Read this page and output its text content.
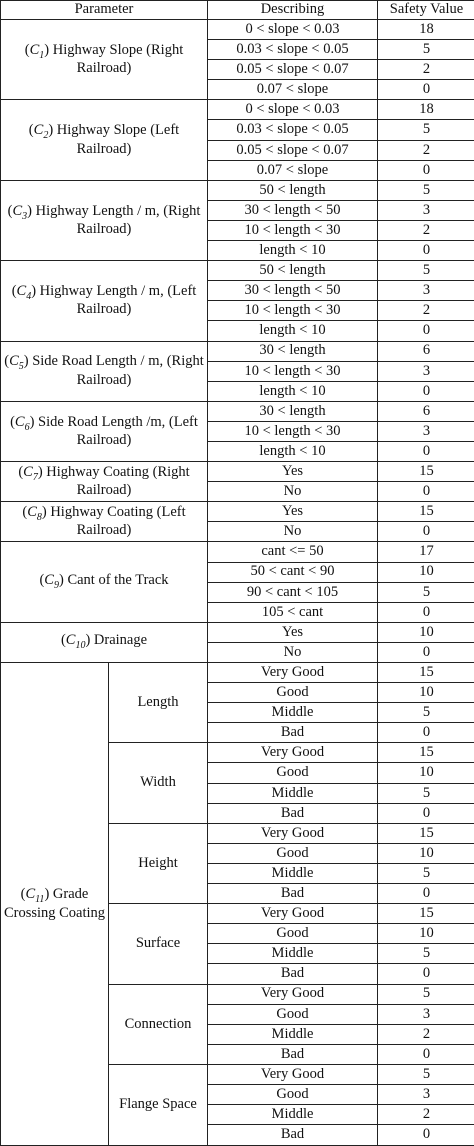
Parameter		Describing	Safety Value
$(C_1)$ Highway Slope (Right Railroad)		0 < slope < 0.03	18
		0.03 < slope < 0.05	5
		0.05 < slope < 0.07	2
		0.07 < slope	0
$(C_2)$ Highway Slope (Left Railroad)		0 < slope < 0.03	18
		0.03 < slope < 0.05	5
		0.05 < slope < 0.07	2
		0.07 < slope	0
$(C_3)$ Highway Length / m, (Right Railroad)		50 < length	5
		30 < length < 50	3
		10 < length < 30	2
		length < 10	0
$(C_4)$ Highway Length / m, (Left Railroad)		50 < length	5
		30 < length < 50	3
		10 < length < 30	2
		length < 10	0
$(C_5)$ Side Road Length / m, (Right Railroad)		30 < length	6
		10 < length < 30	3
		length < 10	0
$(C_6)$ Side Road Length /m, (Left Railroad)		30 < length	6
		10 < length < 30	3
		length < 10	0
$(C_7)$ Highway Coating (Right Railroad)		Yes	15
		No	0
$(C_8)$ Highway Coating (Left Railroad)		Yes	15
		No	0
$(C_9)$ Cant of the Track		cant <= 50	17
		50 < cant < 90	10
		90 < cant < 105	5
		105 < cant	0
$(C_{10})$ Drainage		Yes	10
		No	0
$(C_{11})$ Grade Crossing Coating	Length	Very Good	15
		Good	10
		Middle	5
		Bad	0
	Width	Very Good	15
		Good	10
		Middle	5
		Bad	0
	Height	Very Good	15
		Good	10
		Middle	5
		Bad	0
	Surface	Very Good	15
		Good	10
		Middle	5
		Bad	0
	Connection	Very Good	5
		Good	3
		Middle	2
		Bad	0
	Flange Space	Very Good	5
		Good	3
		Middle	2
		Bad	0
